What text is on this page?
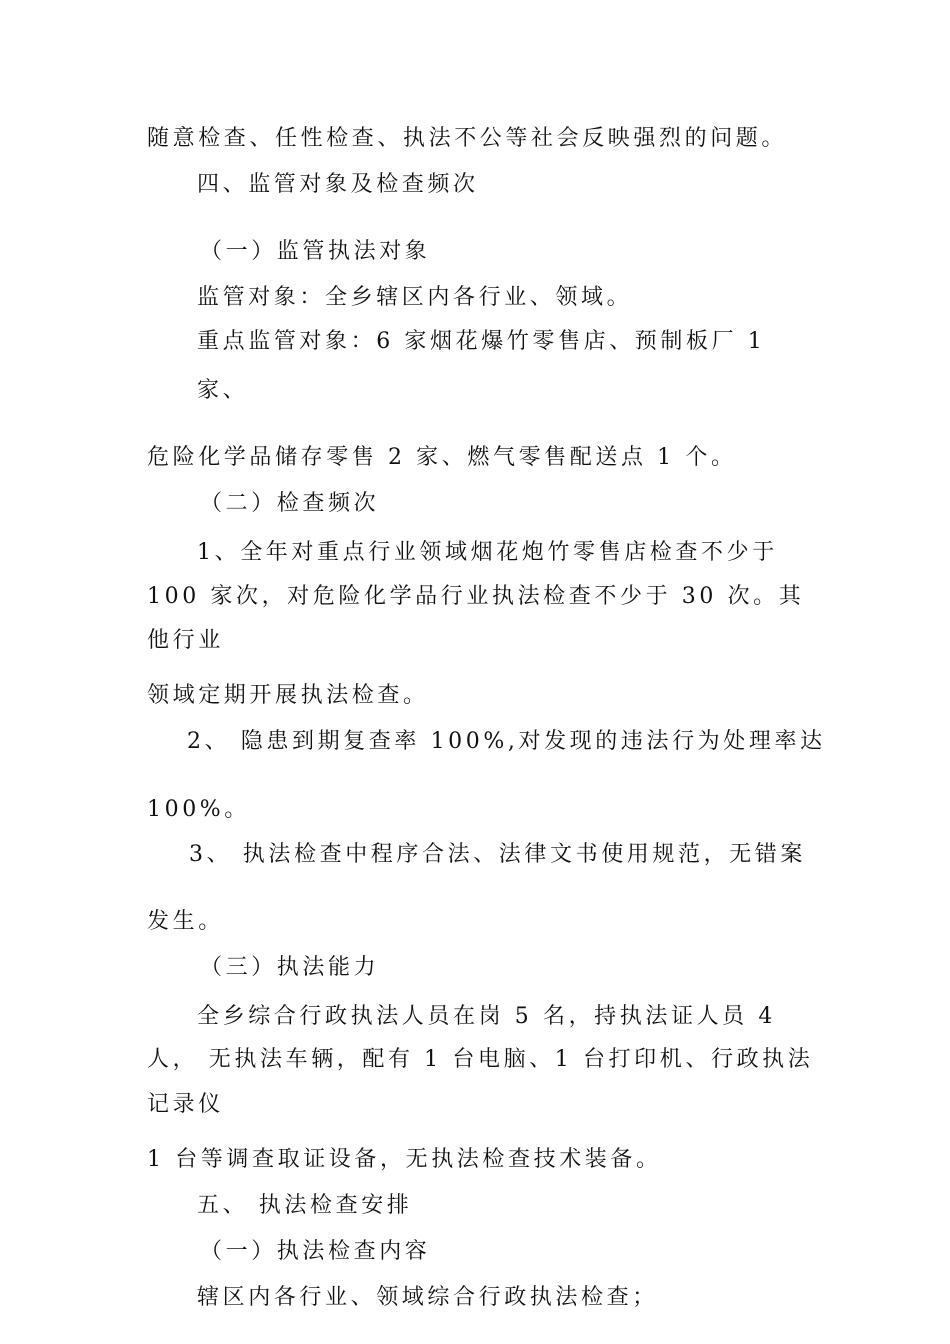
随意检查、任性检查、执法不公等社会反映强烈的问题。
四、监管对象及检查频次
（一）监管执法对象
监管对象：全乡辖区内各行业、领域。
重点监管对象：6 家烟花爆竹零售店、预制板厂 1
家、
危险化学品储存零售 2 家、燃气零售配送点 1 个。
（二）检查频次
1、全年对重点行业领域烟花炮竹零售店检查不少于
100 家次，对危险化学品行业执法检查不少于 30 次。其
他行业
领域定期开展执法检查。
2、 隐患到期复查率 100%,对发现的违法行为处理率达
100%。
3、 执法检查中程序合法、法律文书使用规范，无错案
发生。
（三）执法能力
全乡综合行政执法人员在岗 5 名，持执法证人员 4
人， 无执法车辆，配有 1 台电脑、1 台打印机、行政执法
记录仪
1 台等调查取证设备，无执法检查技术装备。
五、 执法检查安排
（一）执法检查内容
辖区内各行业、领域综合行政执法检查；
